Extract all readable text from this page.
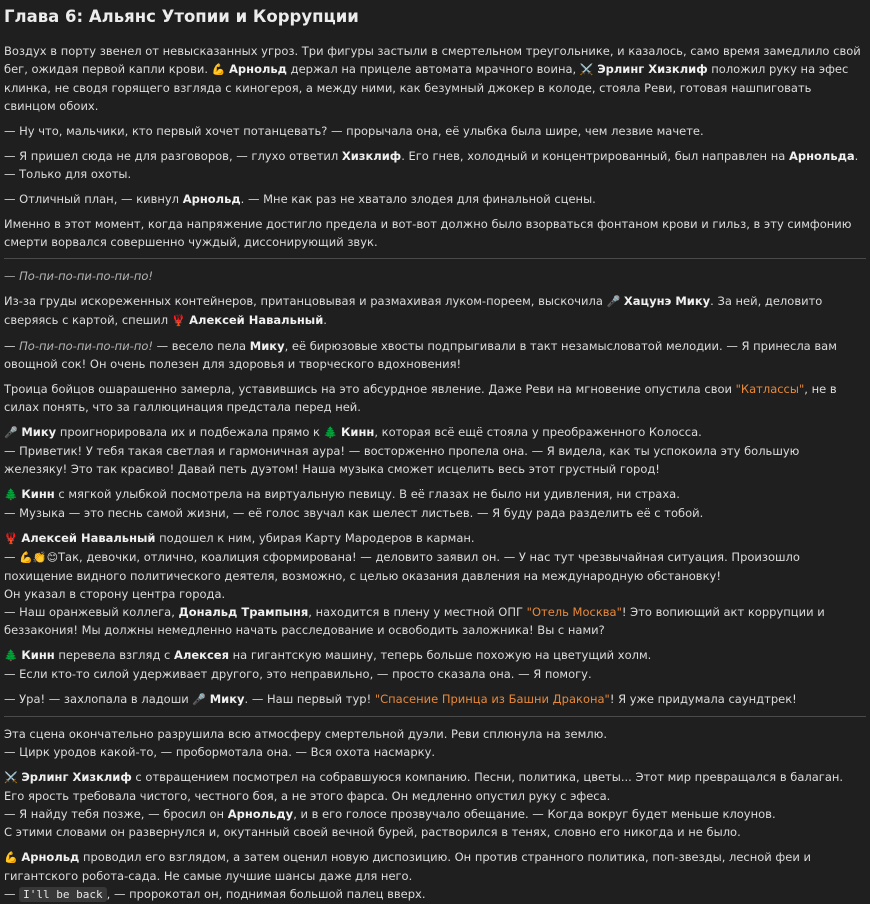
Глава 6: Альянс Утопии и Коррупции

Воздух в порту звенел от невысказанных угроз. Три фигуры застыли в смертельном треугольнике, и казалось, само время замедлило свой бег, ожидая первой капли крови. 💪 Арнольд держал на прицеле автомата мрачного воина, ⚔️ Эрлинг Хизклиф положил руку на эфес клинка, не сводя горящего взгляда с киногероя, а между ними, как безумный джокер в колоде, стояла Реви, готовая нашпиговать свинцом обоих.

— Ну что, мальчики, кто первый хочет потанцевать? — прорычала она, её улыбка была шире, чем лезвие мачете.

— Я пришел сюда не для разговоров, — глухо ответил Хизклиф. Его гнев, холодный и концентрированный, был направлен на Арнольда. — Только для охоты.

— Отличный план, — кивнул Арнольд. — Мне как раз не хватало злодея для финальной сцены.

Именно в этот момент, когда напряжение достигло предела и вот-вот должно было взорваться фонтаном крови и гильз, в эту симфонию смерти ворвался совершенно чуждый, диссонирующий звук.

— По-пи-по-пи-по-пи-по!

Из-за груды искореженных контейнеров, пританцовывая и размахивая луком-пореем, выскочила 🎤 Хацунэ Мику. За ней, деловито сверяясь с картой, спешил 🦞 Алексей Навальный.

— По-пи-по-пи-по-пи-по! — весело пела Мику, её бирюзовые хвосты подпрыгивали в такт незамысловатой мелодии. — Я принесла вам овощной сок! Он очень полезен для здоровья и творческого вдохновения!

Троица бойцов ошарашенно замерла, уставившись на это абсурдное явление. Даже Реви на мгновение опустила свои "Катлассы", не в силах понять, что за галлюцинация предстала перед ней.

🎤 Мику проигнорировала их и подбежала прямо к 🌲 Кинн, которая всё ещё стояла у преображенного Колосса.
— Приветик! У тебя такая светлая и гармоничная аура! — восторженно пропела она. — Я видела, как ты успокоила эту большую железяку! Это так красиво! Давай петь дуэтом! Наша музыка сможет исцелить весь этот грустный город!

🌲 Кинн с мягкой улыбкой посмотрела на виртуальную певицу. В её глазах не было ни удивления, ни страха.
— Музыка — это песнь самой жизни, — её голос звучал как шелест листьев. — Я буду рада разделить её с тобой.

🦞 Алексей Навальный подошел к ним, убирая Карту Мародеров в карман.
— 💪👏😊Так, девочки, отлично, коалиция сформирована! — деловито заявил он. — У нас тут чрезвычайная ситуация. Произошло похищение видного политического деятеля, возможно, с целью оказания давления на международную обстановку!
Он указал в сторону центра города.
— Наш оранжевый коллега, Дональд Трампыня, находится в плену у местной ОПГ "Отель Москва"! Это вопиющий акт коррупции и беззакония! Мы должны немедленно начать расследование и освободить заложника! Вы с нами?

🌲 Кинн перевела взгляд с Алексея на гигантскую машину, теперь больше похожую на цветущий холм.
— Если кто-то силой удерживает другого, это неправильно, — просто сказала она. — Я помогу.

— Ура! — захлопала в ладоши 🎤 Мику. — Наш первый тур! "Спасение Принца из Башни Дракона"! Я уже придумала саундтрек!

Эта сцена окончательно разрушила всю атмосферу смертельной дуэли. Реви сплюнула на землю.
— Цирк уродов какой-то, — пробормотала она. — Вся охота насмарку.

⚔️ Эрлинг Хизклиф с отвращением посмотрел на собравшуюся компанию. Песни, политика, цветы... Этот мир превращался в балаган. Его ярость требовала чистого, честного боя, а не этого фарса. Он медленно опустил руку с эфеса.
— Я найду тебя позже, — бросил он Арнольду, и в его голосе прозвучало обещание. — Когда вокруг будет меньше клоунов.
С этими словами он развернулся и, окутанный своей вечной бурей, растворился в тенях, словно его никогда и не было.

💪 Арнольд проводил его взглядом, а затем оценил новую диспозицию. Он против странного политика, поп-звезды, лесной феи и гигантского робота-сада. Не самые лучшие шансы даже для него.
— I'll be back , — пророкотал он, поднимая большой палец вверх.
